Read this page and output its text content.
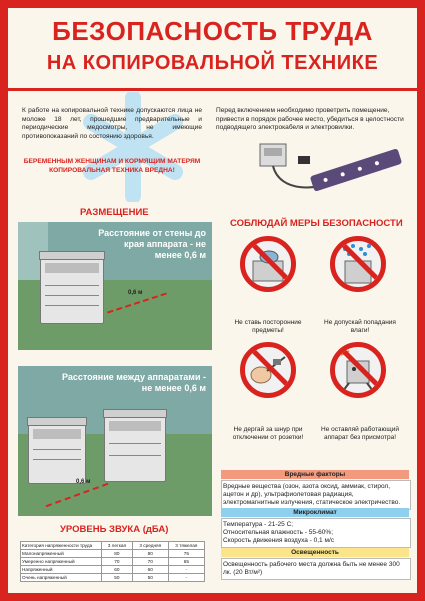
БЕЗОПАСНОСТЬ ТРУДА
НА КОПИРОВАЛЬНОЙ ТЕХНИКЕ
К работе на копировальной технике допускаются лица не моложе 18 лет, прошедшие предварительные и периодические медосмотры, не имеющие противопоказаний по состоянию здоровья.
БЕРЕМЕННЫМ ЖЕНЩИНАМ И КОРМЯЩИМ МАТЕРЯМ КОПИРОВАЛЬНАЯ ТЕХНИКА ВРЕДНА!
Перед включением необходимо проветрить помещение, привести в порядок рабочее место, убедиться в целостности подводящего электрокабеля и электровилки.
РАЗМЕЩЕНИЕ
Расстояние от стены до края аппарата - не менее 0,6 м
0,6 м
Расстояние между аппаратами - не менее 0,6 м
0,6 м
СОБЛЮДАЙ МЕРЫ БЕЗОПАСНОСТИ
Не ставь посторонние предметы!
Не допускай попадания влаги!
Не дергай за шнур при отключении от розетки!
Не оставляй работающий аппарат без присмотра!
Вредные факторы
Вредные вещества (озон, азота оксид, аммиак, стирол, ацетон и др), ультрафиолетовая радиация, электромагнитные излучения, статическое электричество.
Микроклимат
Температура - 21-25 С;
Относительная влажность - 55-60%;
Скорость движения воздуха - 0,1 м/с
Освещенность
Освещенность рабочего места должна быть не менее 300 лк. (20 Вт/м²)
УРОВЕНЬ ЗВУКА (дБА)
Категория напряженности труда	3 легкая	3 средняя	3 тяжелая
Малонапряженный	80	80	75
Умеренно напряженный	70	70	65
Напряженный	60	60	-
Очень напряженный	50	50	-
